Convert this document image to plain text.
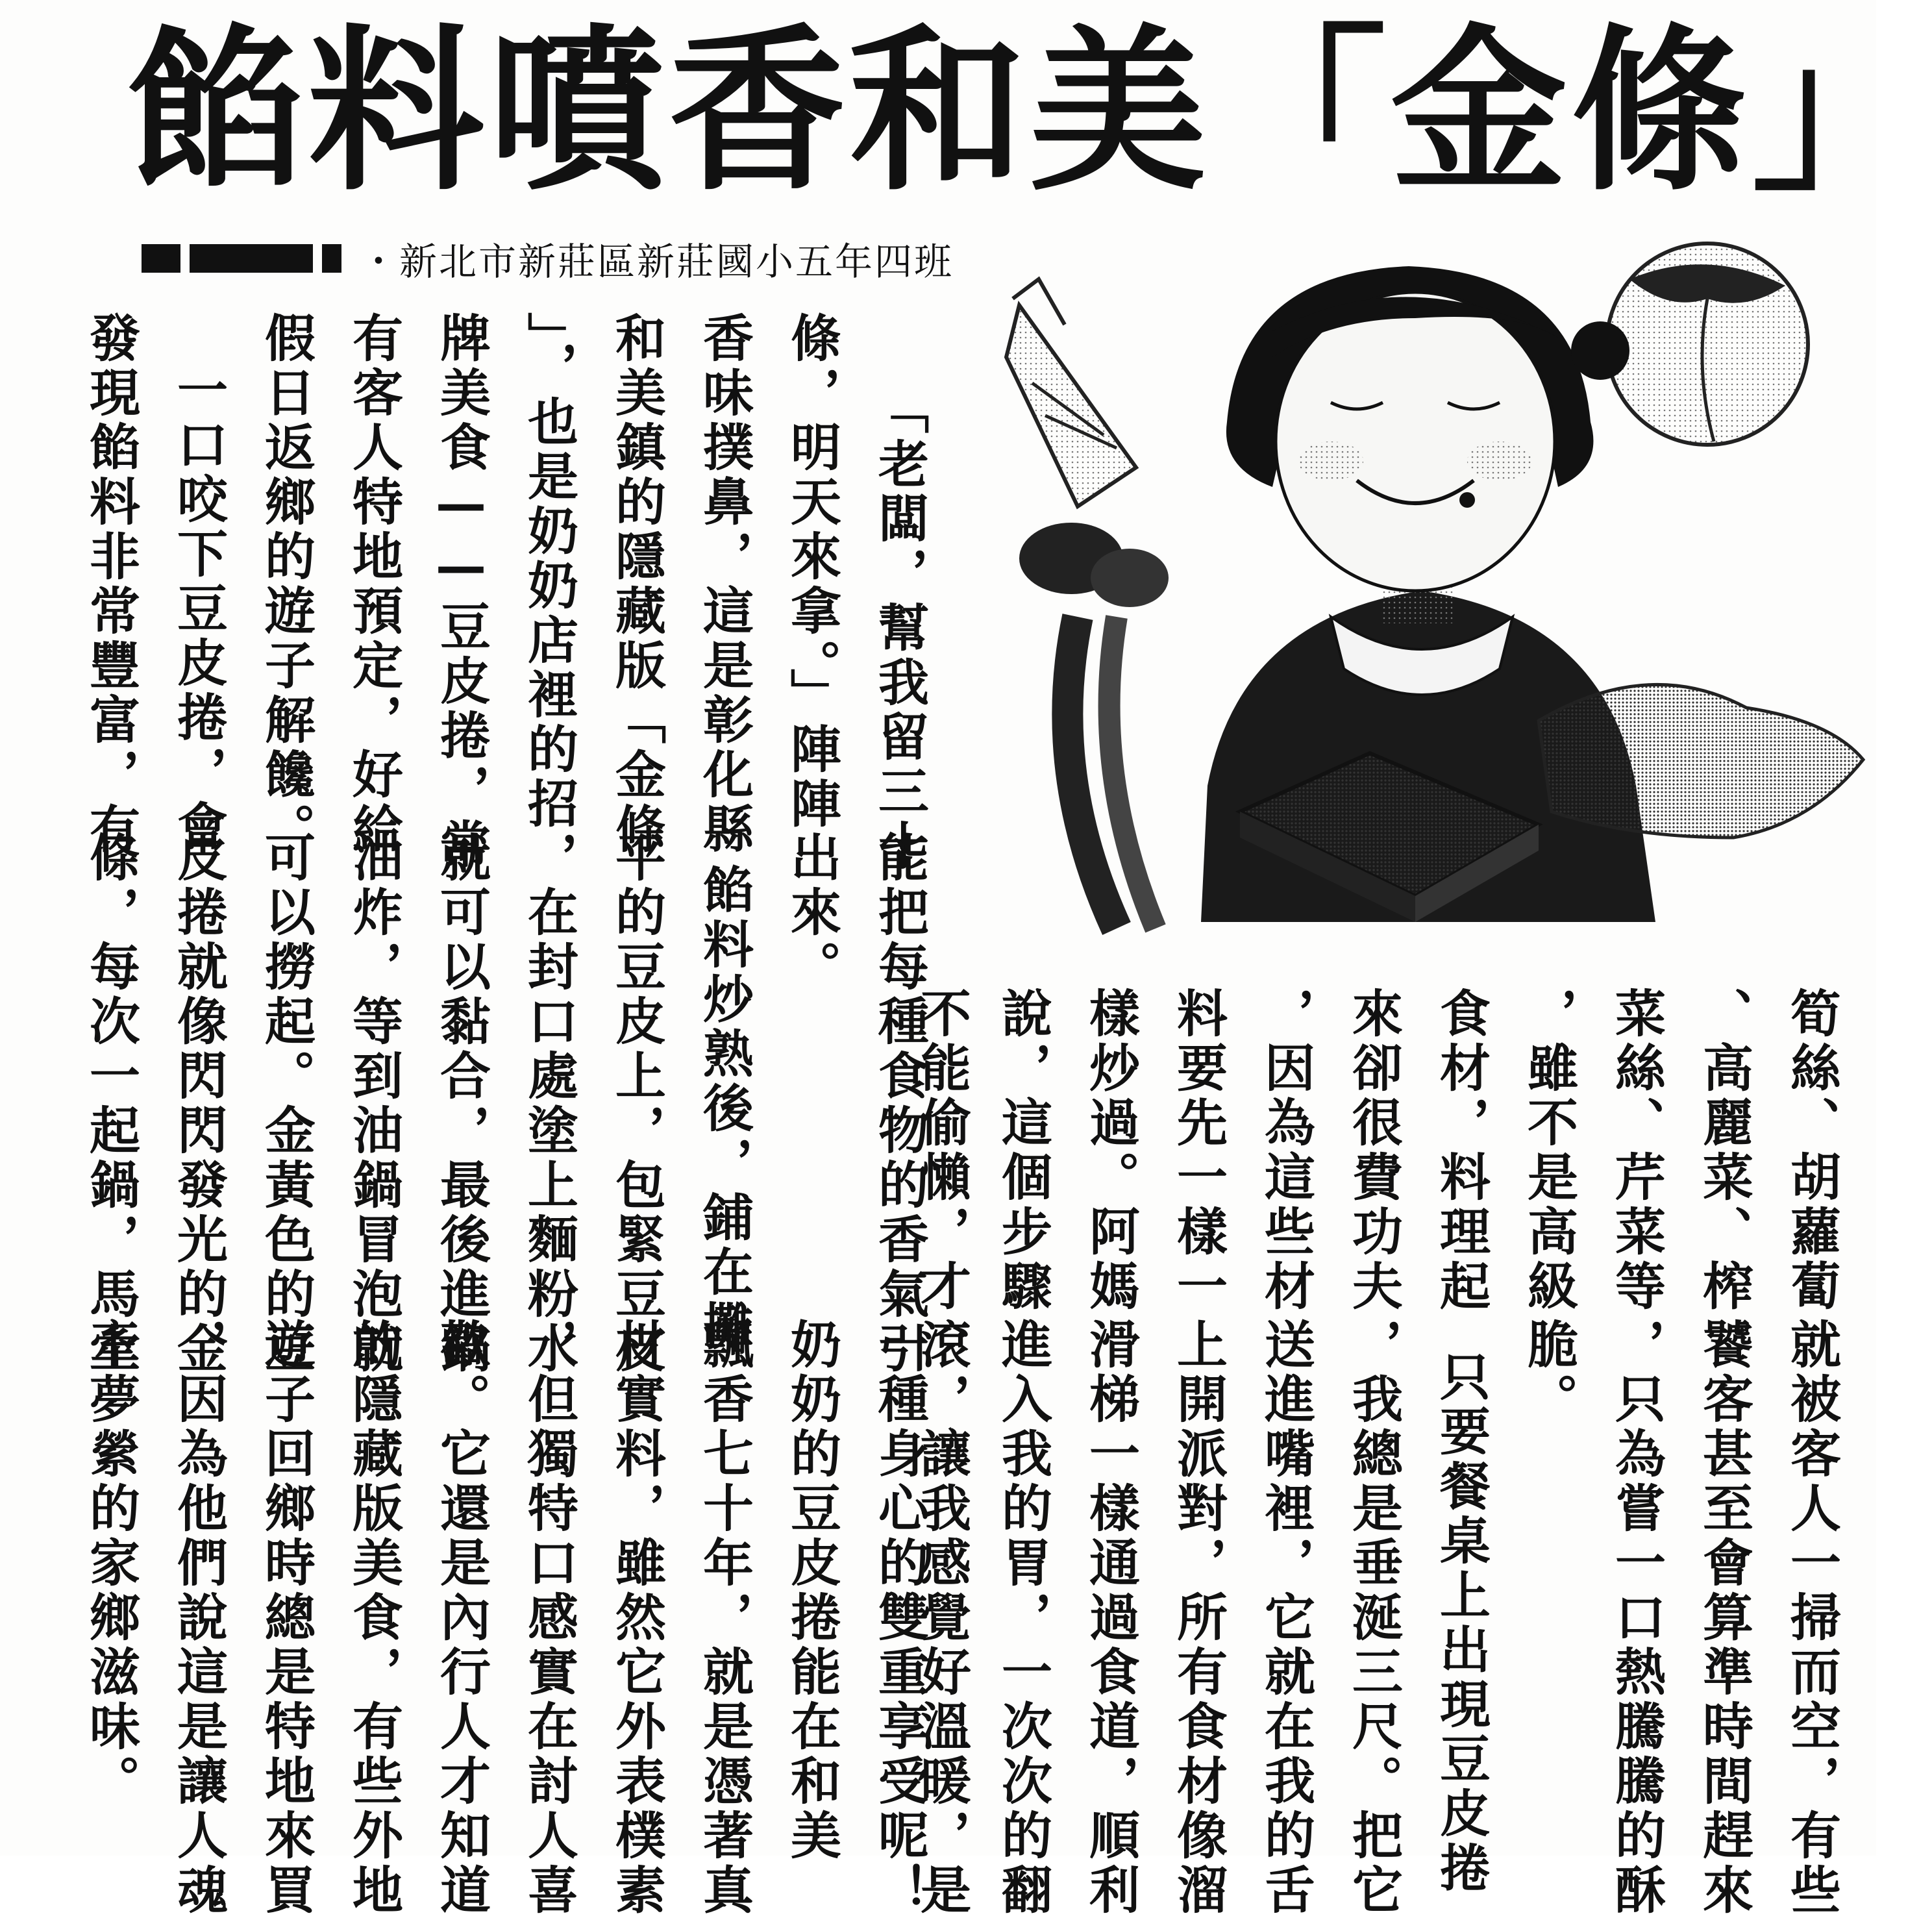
餡料噴香和美「金條」
・新北市新莊區新莊國小五年四班
「老闆，幫我留三十
條，明天來拿。」陣陣
香味撲鼻，這是彰化縣
和美鎮的隱藏版「金條
」，也是奶奶店裡的招
牌美食——豆皮捲，常
有客人特地預定，好給
假日返鄉的遊子解饞。
一口咬下豆皮捲，會
發現餡料非常豐富，有
能把每種食物的香氣引
出來。
餡料炒熟後，鋪在攤
平的豆皮上，包緊豆皮
，在封口處塗上麵粉水
就可以黏合，最後進鍋
油炸，等到油鍋冒泡就
可以撈起。金黃色的豆
皮捲就像閃閃發光的金
條，每次一起鍋，馬上
奶奶的豆皮捲能在和美
飄香七十年，就是憑著真
材實料，雖然它外表樸素
，但獨特口感實在討人喜
歡。它還是內行人才知道
的隱藏版美食，有些外地
遊子回鄉時總是特地來買
，因為他們說這是讓人魂
牽夢縈的家鄉滋味。	一種身心的雙重享受呢！
筍絲、胡蘿蔔
、高麗菜、榨
菜絲、芹菜等
，雖不是高級
食材，料理起
來卻很費功夫
，因為這些材
料要先一樣一
樣炒過。阿媽
說，這個步驟
不能偷懶，才
就被客人一掃而空，有些
饕客甚至會算準時間趕來
，只為嘗一口熱騰騰的酥
脆。
只要餐桌上出現豆皮捲
，我總是垂涎三尺。把它
送進嘴裡，它就在我的舌
上開派對，所有食材像溜
滑梯一樣通過食道，順利
進入我的胃，一次次的翻
滾，讓我感覺好溫暖，是
